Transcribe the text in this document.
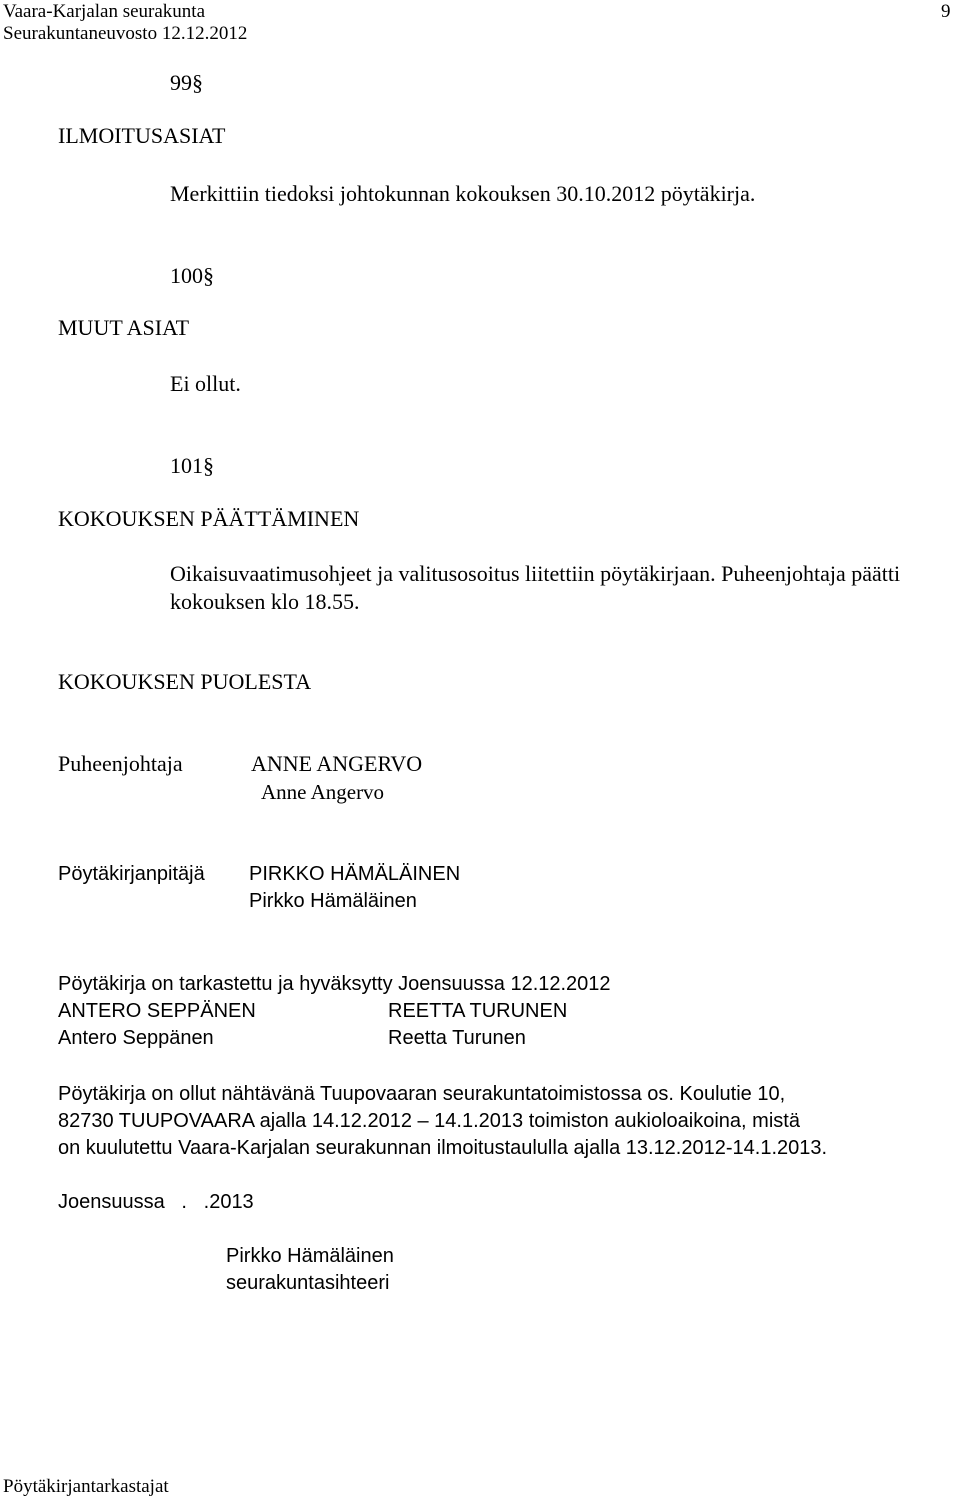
Vaara-Karjalan seurakunta
Seurakuntaneuvosto 12.12.2012
9
99§
ILMOITUSASIAT
Merkittiin tiedoksi johtokunnan kokouksen 30.10.2012 pöytäkirja.
100§
MUUT ASIAT
Ei ollut.
101§
KOKOUKSEN PÄÄTTÄMINEN
Oikaisuvaatimusohjeet ja valitusosoitus liitettiin pöytäkirjaan. Puheenjohtaja päätti
kokouksen klo 18.55.
KOKOUKSEN PUOLESTA
Puheenjohtaja	ANNE ANGERVO
Anne Angervo
Pöytäkirjanpitäjä PIRKKO HÄMÄLÄINEN
Pirkko Hämäläinen
Pöytäkirja on tarkastettu ja hyväksytty Joensuussa 12.12.2012
ANTERO SEPPÄNEN	REETTA TURUNEN
Antero Seppänen	Reetta Turunen
Pöytäkirja on ollut nähtävänä Tuupovaaran seurakuntatoimistossa os. Koulutie 10,
82730 TUUPOVAARA ajalla 14.12.2012 – 14.1.2013 toimiston aukioloaikoina, mistä
on kuulutettu Vaara-Karjalan seurakunnan ilmoitustaululla ajalla 13.12.2012-14.1.2013.
Joensuussa   .   .2013
Pirkko Hämäläinen
seurakuntasihteeri
Pöytäkirjantarkastajat
